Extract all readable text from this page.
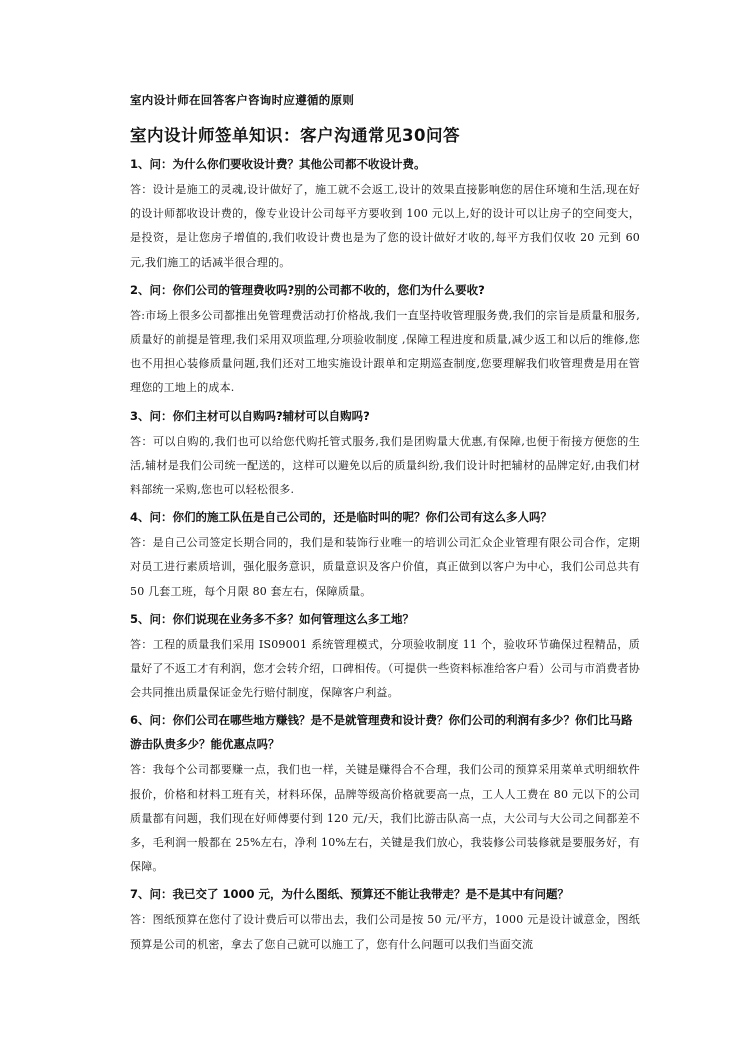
室内设计师在回答客户咨询时应遵循的原则
室内设计师签单知识：客户沟通常见30问答

1、问：为什么你们要收设计费？其他公司都不收设计费。

答：设计是施工的灵魂,设计做好了，施工就不会返工,设计的效果直接影响您的居住环境和生活,现在好的设计师都收设计费的，像专业设计公司每平方要收到 100 元以上,好的设计可以让房子的空间变大，是投资，是让您房子增值的,我们收设计费也是为了您的设计做好才收的,每平方我们仅收 20 元到 60 元,我们施工的话减半很合理的。

2、问：你们公司的管理费收吗?别的公司都不收的，您们为什么要收?

答:市场上很多公司都推出免管理费活动打价格战,我们一直坚持收管理服务费,我们的宗旨是质量和服务,质量好的前提是管理,我们采用双项监理,分项验收制度 ,保障工程进度和质量,减少返工和以后的维修,您也不用担心装修质量问题,我们还对工地实施设计跟单和定期巡查制度,您要理解我们收管理费是用在管理您的工地上的成本.

3、问：你们主材可以自购吗?辅材可以自购吗?

答：可以自购的,我们也可以给您代购托管式服务,我们是团购量大优惠,有保障,也便于衔接方便您的生活,辅材是我们公司统一配送的，这样可以避免以后的质量纠纷,我们设计时把辅材的品牌定好,由我们材料部统一采购,您也可以轻松很多.

4、问：你们的施工队伍是自己公司的，还是临时叫的呢？你们公司有这么多人吗？

答：是自己公司签定长期合同的，我们是和装饰行业唯一的培训公司汇众企业管理有限公司合作，定期对员工进行素质培训，强化服务意识，质量意识及客户价值，真正做到以客户为中心，我们公司总共有 50 几套工班，每个月限 80 套左右，保障质量。

5、问：你们说现在业务多不多？如何管理这么多工地？

答：工程的质量我们采用 IS09001 系统管理模式，分项验收制度 11 个，验收环节确保过程精品，质量好了不返工才有利润，您才会转介绍，口碑相传。（可提供一些资料标准给客户看）公司与市消费者协会共同推出质量保证金先行赔付制度，保障客户利益。

6、问：你们公司在哪些地方赚钱？是不是就管理费和设计费？你们公司的利润有多少？你们比马路游击队贵多少？能优惠点吗？

答：我每个公司都要赚一点，我们也一样，关键是赚得合不合理，我们公司的预算采用菜单式明细软件报价，价格和材料工班有关，材料环保，品牌等级高价格就要高一点，工人人工费在 80 元以下的公司质量都有问题，我们现在好师傅要付到 120 元/天，我们比游击队高一点，大公司与大公司之间都差不多，毛利润一般都在 25%左右，净利 10%左右，关键是我们放心，我装修公司装修就是要服务好，有保障。

7、问：我已交了 1000 元，为什么图纸、预算还不能让我带走？是不是其中有问题？

答：图纸预算在您付了设计费后可以带出去，我们公司是按 50 元/平方，1000 元是设计诚意金，图纸预算是公司的机密，拿去了您自己就可以施工了，您有什么问题可以我们当面交流
